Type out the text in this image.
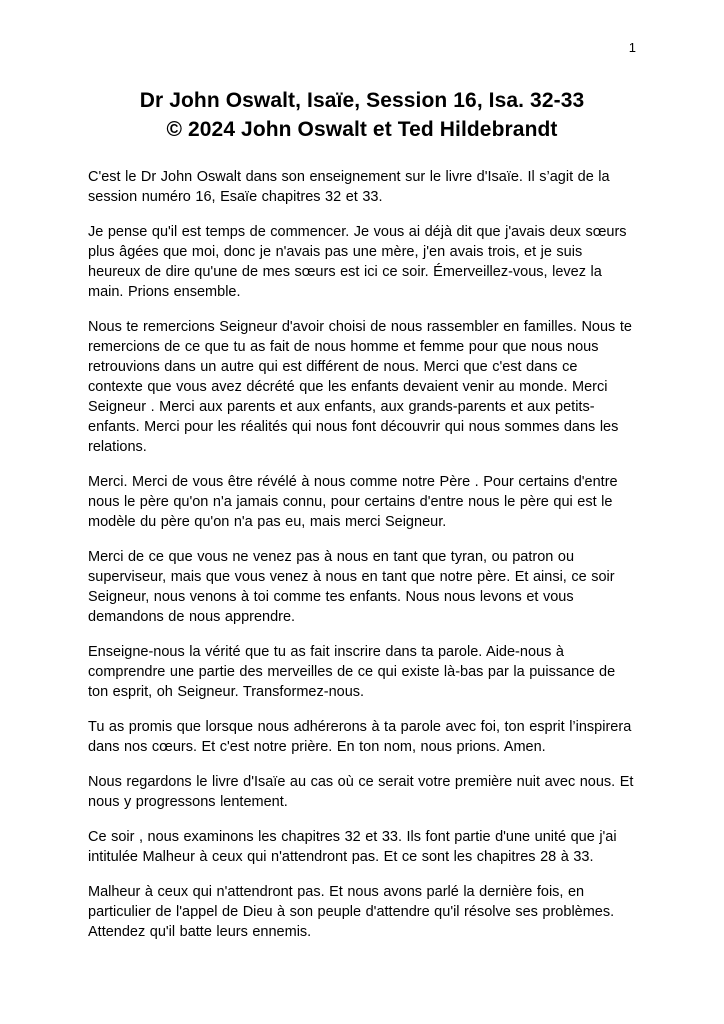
1
Dr John Oswalt, Isaïe, Session 16, Isa. 32-33
© 2024 John Oswalt et Ted Hildebrandt

C'est le Dr John Oswalt dans son enseignement sur le livre d'Isaïe. Il s’agit de la session numéro 16, Esaïe chapitres 32 et 33.

Je pense qu'il est temps de commencer. Je vous ai déjà dit que j'avais deux sœurs plus âgées que moi, donc je n'avais pas une mère, j'en avais trois, et je suis heureux de dire qu'une de mes sœurs est ici ce soir. Émerveillez-vous, levez la main. Prions ensemble.

Nous te remercions Seigneur d'avoir choisi de nous rassembler en familles. Nous te remercions de ce que tu as fait de nous homme et femme pour que nous nous retrouvions dans un autre qui est différent de nous. Merci que c'est dans ce contexte que vous avez décrété que les enfants devaient venir au monde. Merci Seigneur . Merci aux parents et aux enfants, aux grands-parents et aux petits-enfants. Merci pour les réalités qui nous font découvrir qui nous sommes dans les relations.

Merci. Merci de vous être révélé à nous comme notre Père . Pour certains d'entre nous le père qu'on n'a jamais connu, pour certains d'entre nous le père qui est le modèle du père qu'on n'a pas eu, mais merci Seigneur.

Merci de ce que vous ne venez pas à nous en tant que tyran, ou patron ou superviseur, mais que vous venez à nous en tant que notre père. Et ainsi, ce soir Seigneur, nous venons à toi comme tes enfants. Nous nous levons et vous demandons de nous apprendre.

Enseigne-nous la vérité que tu as fait inscrire dans ta parole. Aide-nous à comprendre une partie des merveilles de ce qui existe là-bas par la puissance de ton esprit, oh Seigneur. Transformez-nous.

Tu as promis que lorsque nous adhérerons à ta parole avec foi, ton esprit l’inspirera dans nos cœurs. Et c'est notre prière. En ton nom, nous prions. Amen.

Nous regardons le livre d'Isaïe au cas où ce serait votre première nuit avec nous. Et nous y progressons lentement.

Ce soir , nous examinons les chapitres 32 et 33. Ils font partie d'une unité que j'ai intitulée Malheur à ceux qui n'attendront pas. Et ce sont les chapitres 28 à 33.

Malheur à ceux qui n'attendront pas. Et nous avons parlé la dernière fois, en particulier de l'appel de Dieu à son peuple d'attendre qu'il résolve ses problèmes. Attendez qu'il batte leurs ennemis.
